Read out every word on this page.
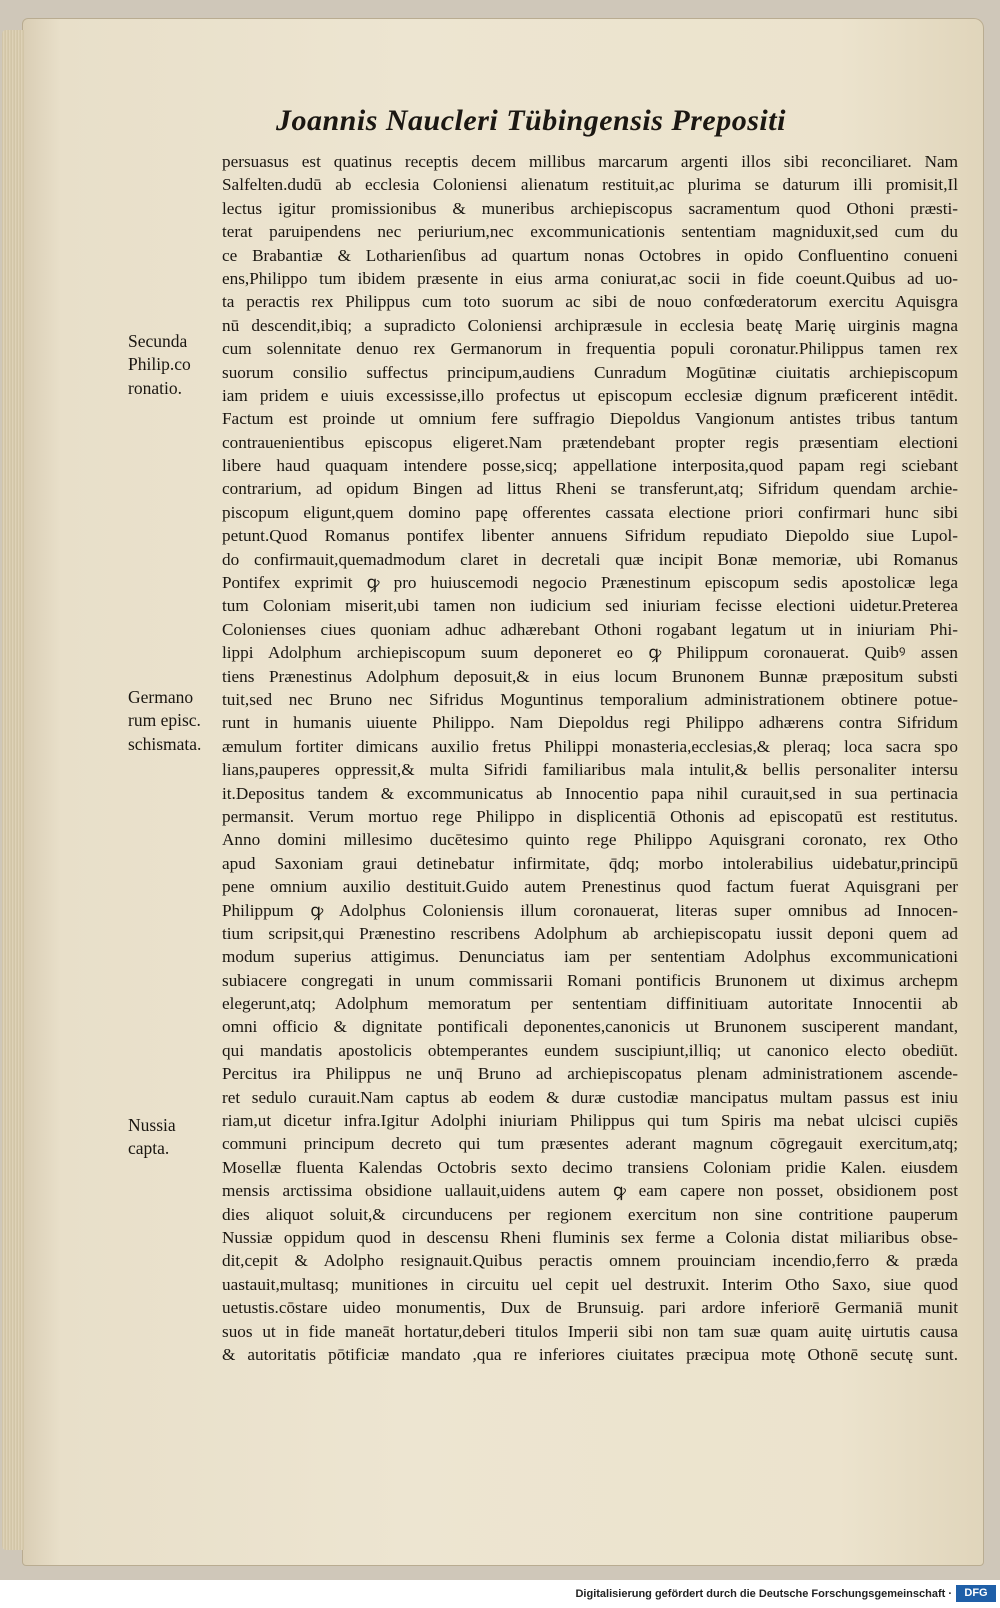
Joannis Naucleri Tübingensis Prepositi
persuasus est quatinus receptis decem millibus marcarum argenti illos sibi reconciliaret. Nam
Salfelten.dudū ab ecclesia Coloniensi alienatum restituit,ac plurima se daturum illi promisit,Il
lectus igitur promissionibus & muneribus archiepiscopus sacramentum quod Othoni præsti-
terat paruipendens nec periurium,nec excommunicationis sententiam magniduxit,sed cum du
ce Brabantiæ & Lotharienſibus ad quartum nonas Octobres in opido Confluentino conueni
ens,Philippo tum ibidem præsente in eius arma coniurat,ac socii in fide coeunt.Quibus ad uo-
ta peractis rex Philippus cum toto suorum ac sibi de nouo confœderatorum exercitu Aquisgra
nū descendit,ibiq; a supradicto Coloniensi archipræsule in ecclesia beatę Marię uirginis magna
cum solennitate denuo rex Germanorum in frequentia populi coronatur.Philippus tamen rex
suorum consilio suffectus principum,audiens Cunradum Mogūtinæ ciuitatis archiepiscopum
iam pridem e uiuis excessisse,illo profectus ut episcopum ecclesiæ dignum præficerent intēdit.
Factum est proinde ut omnium fere suffragio Diepoldus Vangionum antistes tribus tantum
contrauenientibus episcopus eligeret.Nam prætendebant propter regis præsentiam electioni
libere haud quaquam intendere posse,sicq; appellatione interposita,quod papam regi sciebant
contrarium, ad opidum Bingen ad littus Rheni se transferunt,atq; Sifridum quendam archie-
piscopum eligunt,quem domino papę offerentes cassata electione priori confirmari hunc sibi
petunt.Quod Romanus pontifex libenter annuens Sifridum repudiato Diepoldo siue Lupol-
do confirmauit,quemadmodum claret in decretali quæ incipit Bonæ memoriæ, ubi Romanus
Pontifex exprimit ꝙ pro huiuscemodi negocio Prænestinum episcopum sedis apostolicæ lega
tum Coloniam miserit,ubi tamen non iudicium sed iniuriam fecisse electioni uidetur.Preterea
Colonienses ciues quoniam adhuc adhærebant Othoni rogabant legatum ut in iniuriam Phi-
lippi Adolphum archiepiscopum suum deponeret eo ꝙ Philippum coronauerat. Quibꝰ assen
tiens Prænestinus Adolphum deposuit,& in eius locum Brunonem Bunnæ præpositum substi
tuit,sed nec Bruno nec Sifridus Moguntinus temporalium administrationem obtinere potue-
runt in humanis uiuente Philippo. Nam Diepoldus regi Philippo adhærens contra Sifridum
æmulum fortiter dimicans auxilio fretus Philippi monasteria,ecclesias,& pleraq; loca sacra spo
lians,pauperes oppressit,& multa Sifridi familiaribus mala intulit,& bellis personaliter intersu
it.Depositus tandem & excommunicatus ab Innocentio papa nihil curauit,sed in sua pertinacia
permansit. Verum mortuo rege Philippo in displicentiā Othonis ad episcopatū est restitutus.
Anno domini millesimo ducētesimo quinto rege Philippo Aquisgrani coronato, rex Otho
apud Saxoniam graui detinebatur infirmitate, q̄dq; morbo intolerabilius uidebatur,principū
pene omnium auxilio destituit.Guido autem Prenestinus quod factum fuerat Aquisgrani per
Philippum ꝙ Adolphus Coloniensis illum coronauerat, literas super omnibus ad Innocen-
tium scripsit,qui Prænestino rescribens Adolphum ab archiepiscopatu iussit deponi quem ad
modum superius attigimus. Denunciatus iam per sententiam Adolphus excommunicationi
subiacere congregati in unum commissarii Romani pontificis Brunonem ut diximus archepm
elegerunt,atq; Adolphum memoratum per sententiam diffinitiuam autoritate Innocentii ab
omni officio & dignitate pontificali deponentes,canonicis ut Brunonem susciperent mandant,
qui mandatis apostolicis obtemperantes eundem suscipiunt,illiq; ut canonico electo obediūt.
Percitus ira Philippus ne unq̄ Bruno ad archiepiscopatus plenam administrationem ascende-
ret sedulo curauit.Nam captus ab eodem & duræ custodiæ mancipatus multam passus est iniu
riam,ut dicetur infra.Igitur Adolphi iniuriam Philippus qui tum Spiris ma nebat ulcisci cupiēs
communi principum decreto qui tum præsentes aderant magnum cōgregauit exercitum,atq;
Mosellæ fluenta Kalendas Octobris sexto decimo transiens Coloniam pridie Kalen. eiusdem
mensis arctissima obsidione uallauit,uidens autem ꝙ eam capere non posset, obsidionem post
dies aliquot soluit,& circunducens per regionem exercitum non sine contritione pauperum
Nussiæ oppidum quod in descensu Rheni fluminis sex ferme a Colonia distat miliaribus obse-
dit,cepit & Adolpho resignauit.Quibus peractis omnem prouinciam incendio,ferro & præda
uastauit,multasq; munitiones in circuitu uel cepit uel destruxit. Interim Otho Saxo, siue quod
uetustis.cōstare uideo monumentis, Dux de Brunsuig. pari ardore inferiorē Germaniā munit
suos ut in fide maneāt hortatur,deberi titulos Imperii sibi non tam suæ quam auitę uirtutis causa
& autoritatis pōtificiæ mandato ,qua re inferiores ciuitates præcipua motę Othonē secutę sunt.
Secunda
Philip.co
ronatio.
Germano
rum episc.
schismata.
Nussia
capta.
Digitalisierung gefördert durch die Deutsche Forschungsgemeinschaft ·	DFG
